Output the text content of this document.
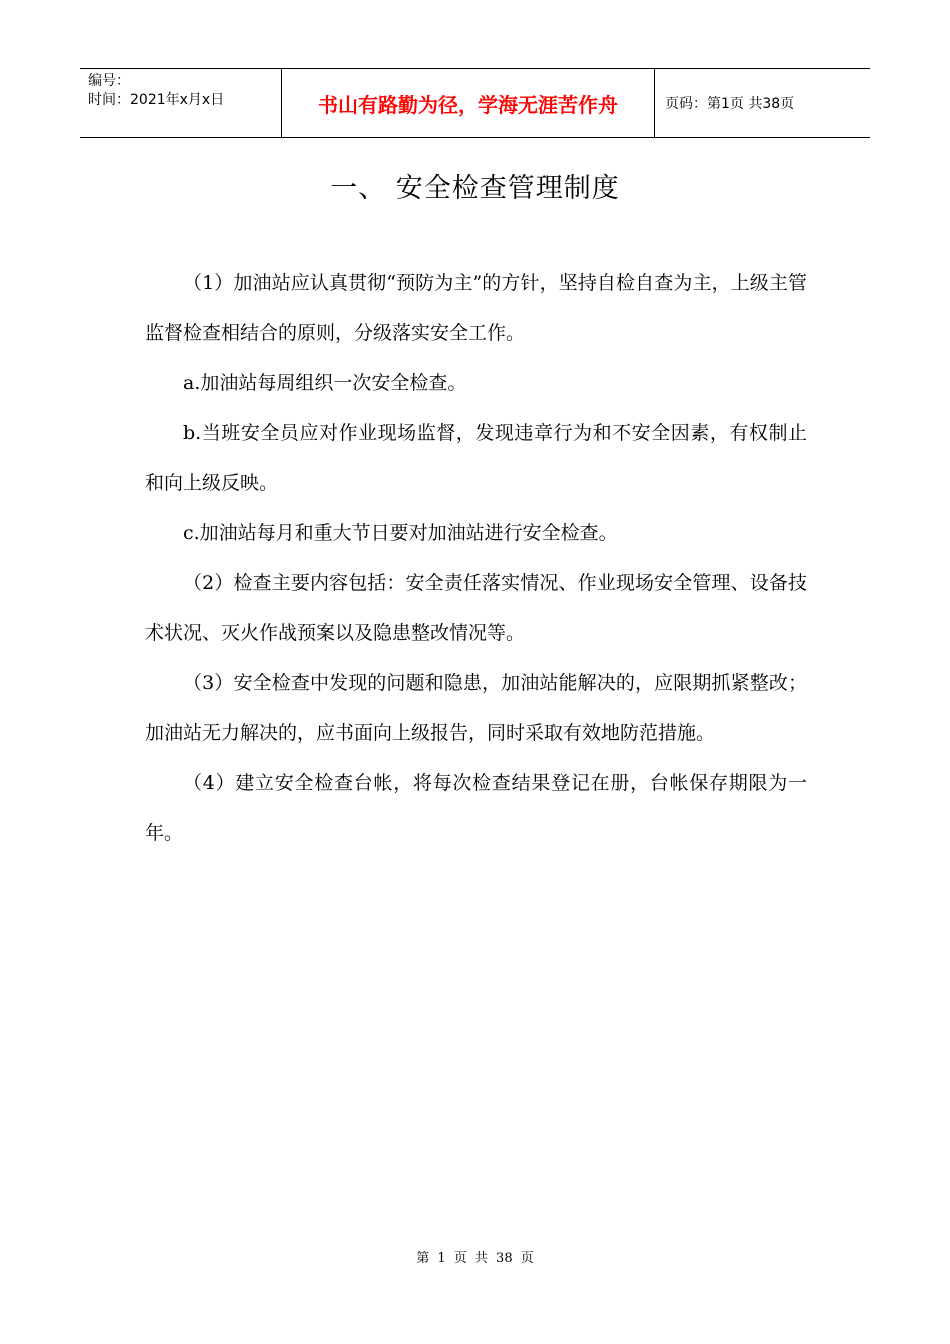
编号：
时间：2021年x月x日	书山有路勤为径，学海无涯苦作舟	页码：第1页 共38页
一、 安全检查管理制度

（1）加油站应认真贯彻“预防为主”的方针，坚持自检自查为主，上级主管监督检查相结合的原则，分级落实安全工作。

a.加油站每周组织一次安全检查。

b.当班安全员应对作业现场监督，发现违章行为和不安全因素，有权制止和向上级反映。

c.加油站每月和重大节日要对加油站进行安全检查。

（2）检查主要内容包括：安全责任落实情况、作业现场安全管理、设备技术状况、灭火作战预案以及隐患整改情况等。

（3）安全检查中发现的问题和隐患，加油站能解决的，应限期抓紧整改；加油站无力解决的，应书面向上级报告，同时采取有效地防范措施。

（4）建立安全检查台帐，将每次检查结果登记在册，台帐保存期限为一年。

第 1 页 共 38 页
